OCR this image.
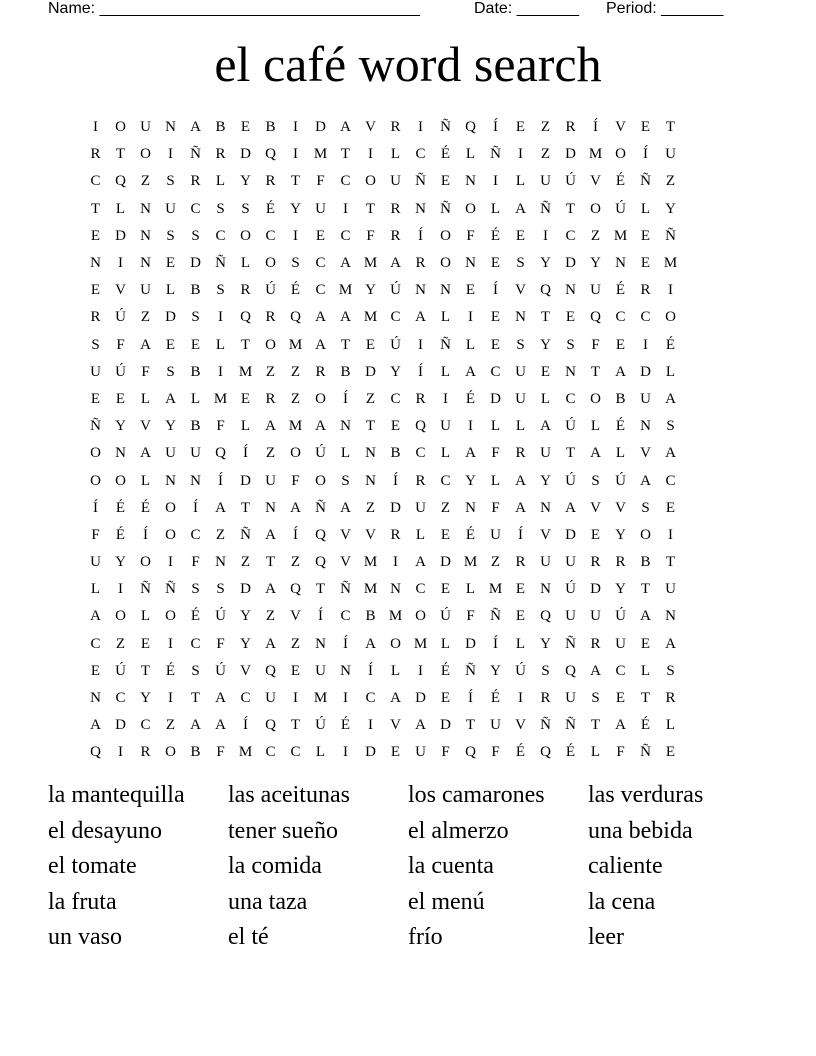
Name: ____________________________________	Date: _______ Period: _______
el café word search
I	O U N A B	E	B	I	D A V R	I	Ñ Q	Í	E	Z	R	Í	V E	T
R	T	O	I	Ñ R D Q	I	M T	I	L	C	É	L	Ñ	I	Z	D M O	Í	U
C Q Z	S	R	L	Y R	T	F	C O U Ñ E	N	I	L	U Ú V É	Ñ Z
T	L	N U C	S	S	É	Y U	I	T	R N Ñ O L	A Ñ T	O Ú L	Y
E	D N	S	S	C O C	I	E	C	F	R	Í	O	F	É	E	I	C	Z M E	Ñ
N	I	N E	D Ñ L	O	S	C A M A R O N E	S	Y D Y N E M
E	V U L	B	S	R Ú É	C M Y Ú N N E	Í	V Q N U É	R	I
R Ú Z	D	S	I	Q R Q A A M C A L	I	E	N T	E	Q C C O
S	F	A E	E	L	T	O M A T	E	Ú	I	Ñ L	E	S	Y	S	F	E	I	É
U Ú	F	S	B	I	M Z	Z	R B D Y	Í	L	A C U E	N T	A D L
E	E	L	A L M E	R	Z	O	Í	Z	C R	I	É	D U L	C O B U A
Ñ Y V Y B	F	L	A M A N T	E	Q U	I	L	L	A Ú L	É	N	S
O N A U U Q	Í	Z	O Ú L	N B C	L	A	F	R U T	A L	V A
O O L	N N	Í	D U	F	O	S	N	Í	R C Y L	A Y Ú	S	Ú A C
Í	É	É	O	Í	A T	N A Ñ A Z	D U Z	N	F	A N A V V	S	E
F	É	Í	O C	Z	Ñ A	Í	Q V V R	L	E	É	U	Í	V D E	Y O	I
U Y O	I	F	N Z	T	Z	Q V M	I	A D M Z	R U U R R B	T
L	I	Ñ Ñ	S	S	D A Q T	Ñ M N C	E	L M E	N Ú D Y T	U
A O L	O É	Ú Y Z	V	Í	C B M O Ú	F	Ñ E	Q U U Ú A N
C	Z	E	I	C	F	Y A Z	N	Í	A O M L	D	Í	L	Y Ñ R U E	A
E	Ú T	É	S	Ú V Q E	U N	Í	L	I	É	Ñ Y Ú	S	Q A C	L	S
N C Y	I	T	A C U	I	M	I	C A D E	Í	É	I	R U	S	E	T	R
A D C	Z	A A	Í	Q T	Ú É	I	V A D T	U V Ñ Ñ T	A É	L
Q	I	R O B	F M C C	L	I	D E	U	F	Q	F	É	Q É	L	F	Ñ E
la mantequilla	las aceitunas	los camarones	las verduras
el desayuno	tener sueño	el almerzo	una bebida
el tomate	la comida	la cuenta	caliente
la fruta	una taza	el menú	la cena
un vaso	el té	frío	leer
